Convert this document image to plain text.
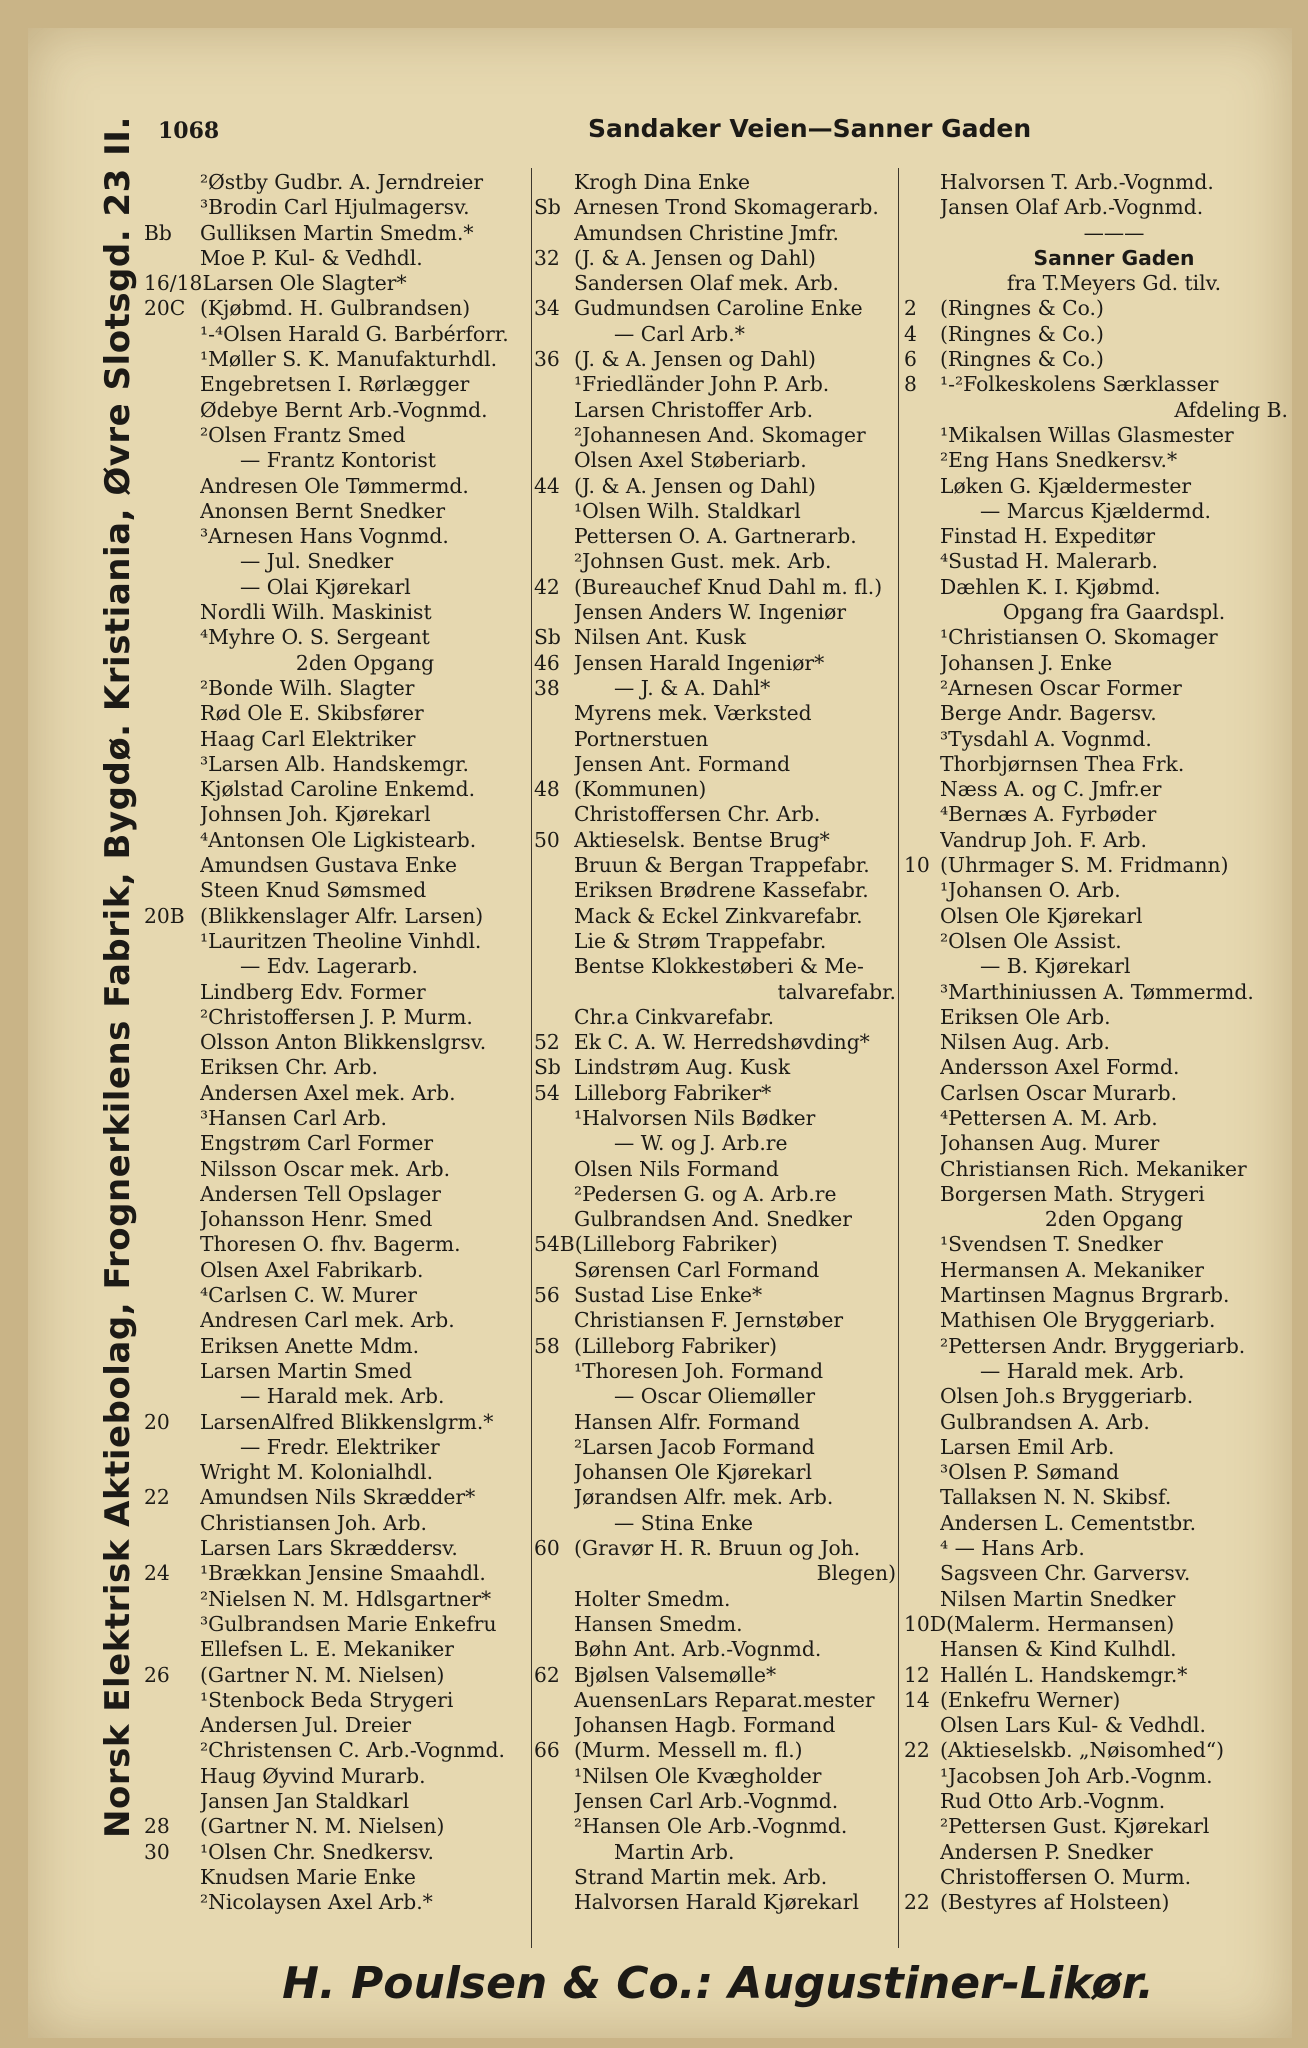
1068	Sandaker Veien—Sanner Gaden
Norsk Elektrisk Aktiebolag, Frognerkilens Fabrik, Bygdø. Kristiania, Øvre Slotsgd. 23 II.	²Østby Gudbr. A. Jerndreier
³Brodin Carl Hjulmagersv.
Bb	Gulliksen Martin Smedm.*
Moe P. Kul- & Vedhdl.
16/18 Larsen Ole Slagter*
20C (Kjøbmd. H. Gulbrandsen)
¹-⁴Olsen Harald G. Barbérforr.
¹Møller S. K. Manufakturhdl.
Engebretsen I. Rørlægger
Ødebye Bernt Arb.-Vognmd.
²Olsen Frantz Smed
— Frantz Kontorist
Andresen Ole Tømmermd.
Anonsen Bernt Snedker
³Arnesen Hans Vognmd.
— Jul. Snedker
— Olai Kjørekarl
Nordli Wilh. Maskinist
⁴Myhre O. S. Sergeant
2den Opgang
²Bonde Wilh. Slagter
Rød Ole E. Skibsfører
Haag Carl Elektriker
³Larsen Alb. Handskemgr.
Kjølstad Caroline Enkemd.
Johnsen Joh. Kjørekarl
⁴Antonsen Ole Ligkistearb.
Amundsen Gustava Enke
Steen Knud Sømsmed
20B (Blikkenslager Alfr. Larsen)
¹Lauritzen Theoline Vinhdl.
— Edv. Lagerarb.
Lindberg Edv. Former
²Christoffersen J. P. Murm.
Olsson Anton Blikkenslgrsv.
Eriksen Chr. Arb.
Andersen Axel mek. Arb.
³Hansen Carl Arb.
Engstrøm Carl Former
Nilsson Oscar mek. Arb.
Andersen Tell Opslager
Johansson Henr. Smed
Thoresen O. fhv. Bagerm.
Olsen Axel Fabrikarb.
⁴Carlsen C. W. Murer
Andresen Carl mek. Arb.
Eriksen Anette Mdm.
Larsen Martin Smed
— Harald mek. Arb.
20	LarsenAlfred Blikkenslgrm.*
— Fredr. Elektriker
Wright M. Kolonialhdl.
22	Amundsen Nils Skrædder*
Christiansen Joh. Arb.
Larsen Lars Skræddersv.
24	¹Brækkan Jensine Smaahdl.
²Nielsen N. M. Hdlsgartner*
³Gulbrandsen Marie Enkefru
Ellefsen L. E. Mekaniker
26	(Gartner N. M. Nielsen)
¹Stenbock Beda Strygeri
Andersen Jul. Dreier
²Christensen C. Arb.-Vognmd.
Haug Øyvind Murarb.
Jansen Jan Staldkarl
28	(Gartner N. M. Nielsen)
30	¹Olsen Chr. Snedkersv.
Knudsen Marie Enke
²Nicolaysen Axel Arb.*
Krogh Dina Enke
Sb Arnesen Trond Skomagerarb.
Amundsen Christine Jmfr.
32 (J. & A. Jensen og Dahl)
Sandersen Olaf mek. Arb.
34 Gudmundsen Caroline Enke
— Carl Arb.*
36 (J. & A. Jensen og Dahl)
¹Friedländer John P. Arb.
Larsen Christoffer Arb.
²Johannesen And. Skomager
Olsen Axel Støberiarb.
44 (J. & A. Jensen og Dahl)
¹Olsen Wilh. Staldkarl
Pettersen O. A. Gartnerarb.
²Johnsen Gust. mek. Arb.
42 (Bureauchef Knud Dahl m. fl.)
Jensen Anders W. Ingeniør
Sb Nilsen Ant. Kusk
46 Jensen Harald Ingeniør*
38	— J. & A. Dahl*
Myrens mek. Værksted
Portnerstuen
Jensen Ant. Formand
48 (Kommunen)
Christoffersen Chr. Arb.
50 Aktieselsk. Bentse Brug*
Bruun & Bergan Trappefabr.
Eriksen Brødrene Kassefabr.
Mack & Eckel Zinkvarefabr.
Lie & Strøm Trappefabr.
Bentse Klokkestøberi & Me-
talvarefabr.
Chr.a Cinkvarefabr.
52 Ek C. A. W. Herredshøvding*
Sb Lindstrøm Aug. Kusk
54 Lilleborg Fabriker*
¹Halvorsen Nils Bødker
— W. og J. Arb.re
Olsen Nils Formand
²Pedersen G. og A. Arb.re
Gulbrandsen And. Snedker
54B (Lilleborg Fabriker)
Sørensen Carl Formand
56 Sustad Lise Enke*
Christiansen F. Jernstøber
58 (Lilleborg Fabriker)
¹Thoresen Joh. Formand
— Oscar Oliemøller
Hansen Alfr. Formand
²Larsen Jacob Formand
Johansen Ole Kjørekarl
Jørandsen Alfr. mek. Arb.
— Stina Enke
60 (Gravør H. R. Bruun og Joh.
Blegen)
Holter Smedm.
Hansen Smedm.
Bøhn Ant. Arb.-Vognmd.
62 Bjølsen Valsemølle*
AuensenLars Reparat.mester
Johansen Hagb. Formand
66 (Murm. Messell m. fl.)
¹Nilsen Ole Kvægholder
Jensen Carl Arb.-Vognmd.
²Hansen Ole Arb.-Vognmd.
Martin Arb.
Strand Martin mek. Arb.
Halvorsen Harald Kjørekarl
Halvorsen T. Arb.-Vognmd.
Jansen Olaf Arb.-Vognmd.
———
Sanner Gaden
fra T.Meyers Gd. tilv.
2	(Ringnes & Co.)
4	(Ringnes & Co.)
6	(Ringnes & Co.)
8	¹-²Folkeskolens Særklasser
Afdeling B.
¹Mikalsen Willas Glasmester
²Eng Hans Snedkersv.*
Løken G. Kjældermester
— Marcus Kjældermd.
Finstad H. Expeditør
⁴Sustad H. Malerarb.
Dæhlen K. I. Kjøbmd.
Opgang fra Gaardspl.
¹Christiansen O. Skomager
Johansen J. Enke
²Arnesen Oscar Former
Berge Andr. Bagersv.
³Tysdahl A. Vognmd.
Thorbjørnsen Thea Frk.
Næss A. og C. Jmfr.er
⁴Bernæs A. Fyrbøder
Vandrup Joh. F. Arb.
10 (Uhrmager S. M. Fridmann)
¹Johansen O. Arb.
Olsen Ole Kjørekarl
²Olsen Ole Assist.
— B. Kjørekarl
³Marthiniussen A. Tømmermd.
Eriksen Ole Arb.
Nilsen Aug. Arb.
Andersson Axel Formd.
Carlsen Oscar Murarb.
⁴Pettersen A. M. Arb.
Johansen Aug. Murer
Christiansen Rich. Mekaniker
Borgersen Math. Strygeri
2den Opgang
¹Svendsen T. Snedker
Hermansen A. Mekaniker
Martinsen Magnus Brgrarb.
Mathisen Ole Bryggeriarb.
²Pettersen Andr. Bryggeriarb.
— Harald mek. Arb.
Olsen Joh.s Bryggeriarb.
Gulbrandsen A. Arb.
Larsen Emil Arb.
³Olsen P. Sømand
Tallaksen N. N. Skibsf.
Andersen L. Cementstbr.
⁴ — Hans Arb.
Sagsveen Chr. Garversv.
Nilsen Martin Snedker
10D (Malerm. Hermansen)
Hansen & Kind Kulhdl.
12 Hallén L. Handskemgr.*
14 (Enkefru Werner)
Olsen Lars Kul- & Vedhdl.
22 (Aktieselskb. „Nøisomhed“)
¹Jacobsen Joh Arb.-Vognm.
Rud Otto Arb.-Vognm.
²Pettersen Gust. Kjørekarl
Andersen P. Snedker
Christoffersen O. Murm.
22 (Bestyres af Holsteen)
H. Poulsen & Co.: Augustiner-Likør.
